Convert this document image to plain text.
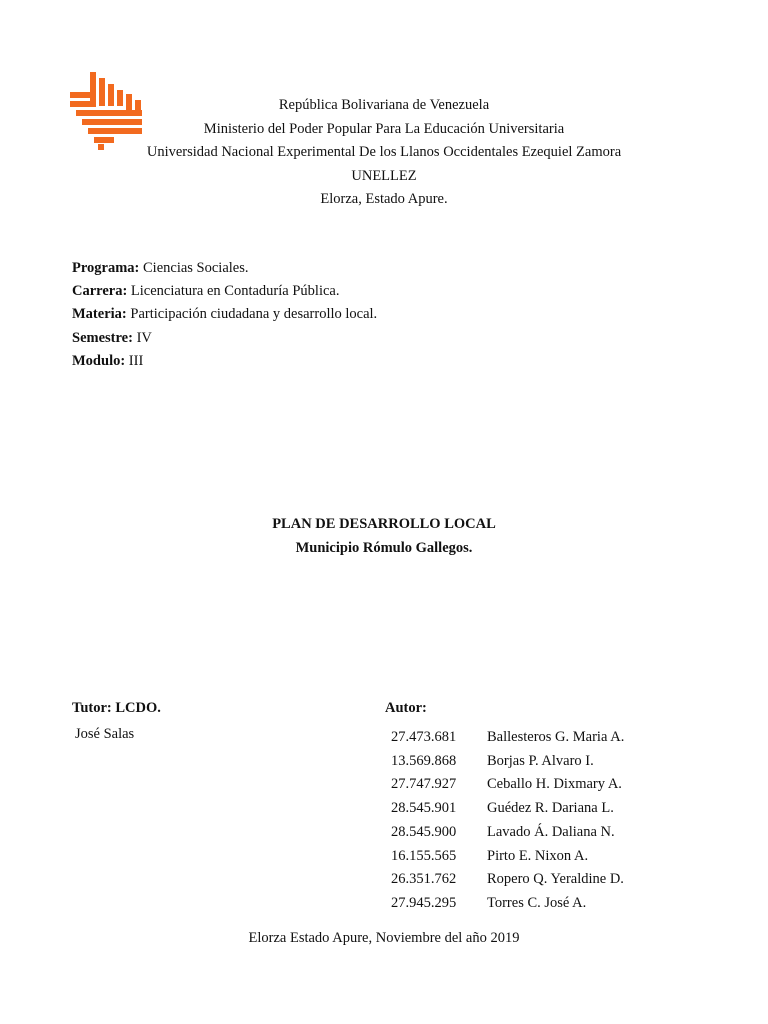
República Bolivariana de Venezuela
Ministerio del Poder Popular Para La Educación Universitaria
Universidad Nacional Experimental De los Llanos Occidentales Ezequiel Zamora
UNELLEZ
Elorza, Estado Apure.
Programa: Ciencias Sociales.
Carrera: Licenciatura en Contaduría Pública.
Materia: Participación ciudadana y desarrollo local.
Semestre: IV
Modulo: III
PLAN DE DESARROLLO LOCAL
Municipio Rómulo Gallegos.
Tutor: LCDO.
José Salas
Autor:
27.473.681	Ballesteros G. Maria A.
13.569.868	Borjas P. Alvaro I.
27.747.927	Ceballo H. Dixmary A.
28.545.901	Guédez R. Dariana L.
28.545.900	Lavado Á. Daliana N.
16.155.565	Pirto E. Nixon A.
26.351.762	Ropero Q. Yeraldine D.
27.945.295	Torres C. José A.
Elorza Estado Apure, Noviembre del año 2019
